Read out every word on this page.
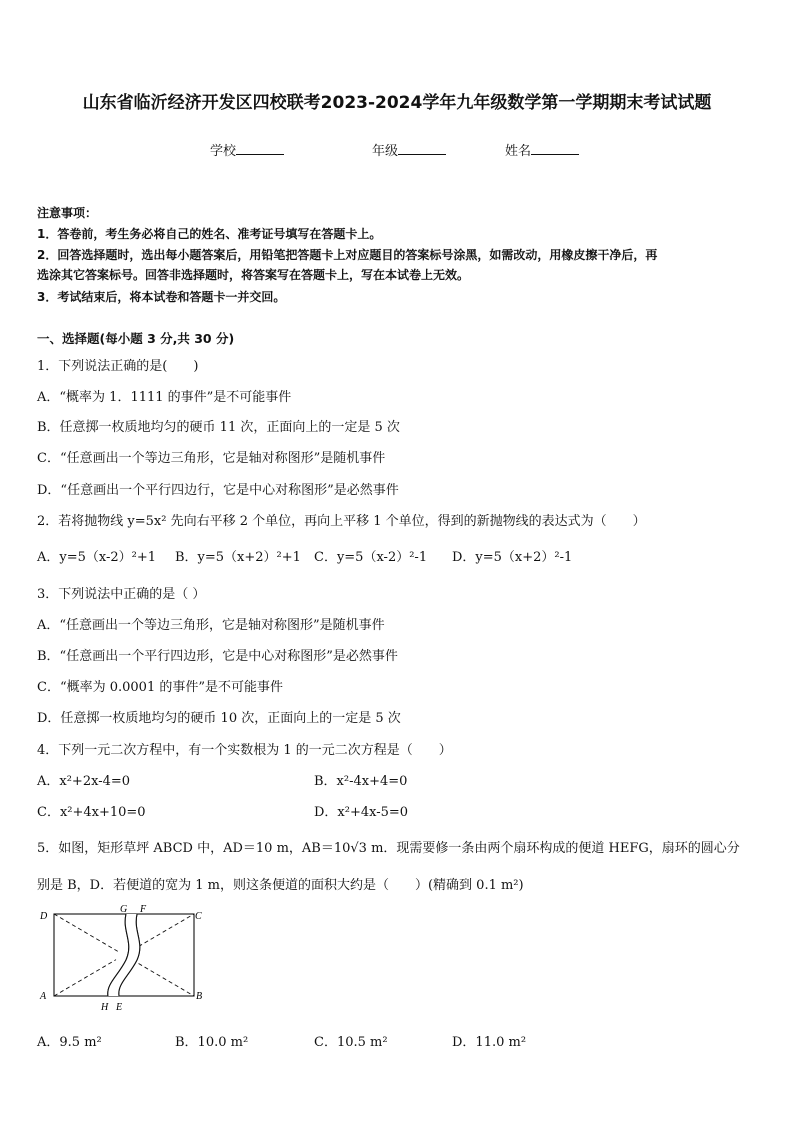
山东省临沂经济开发区四校联考2023-2024学年九年级数学第一学期期末考试试题
学校	年级	姓名
注意事项：
1．答卷前，考生务必将自己的姓名、准考证号填写在答题卡上。
2．回答选择题时，选出每小题答案后，用铅笔把答题卡上对应题目的答案标号涂黑，如需改动，用橡皮擦干净后，再
选涂其它答案标号。回答非选择题时，将答案写在答题卡上，写在本试卷上无效。
3．考试结束后，将本试卷和答题卡一并交回。
一、选择题(每小题 3 分,共 30 分)
1．下列说法正确的是(　　)
A．“概率为 1．1111 的事件”是不可能事件
B．任意掷一枚质地均匀的硬币 11 次，正面向上的一定是 5 次
C．“任意画出一个等边三角形，它是轴对称图形”是随机事件
D．“任意画出一个平行四边行，它是中心对称图形”是必然事件
2．若将抛物线 y=5x² 先向右平移 2 个单位，再向上平移 1 个单位，得到的新抛物线的表达式为（　　）
A．y=5（x-2）²+1 B．y=5（x+2）²+1 C．y=5（x-2）²-1 D．y=5（x+2）²-1
3．下列说法中正确的是（ ）
A．“任意画出一个等边三角形，它是轴对称图形”是随机事件
B．“任意画出一个平行四边形，它是中心对称图形”是必然事件
C．“概率为 0.0001 的事件”是不可能事件
D．任意掷一枚质地均匀的硬币 10 次，正面向上的一定是 5 次
4．下列一元二次方程中，有一个实数根为 1 的一元二次方程是（　　）
A．x²+2x-4=0	B．x²-4x+4=0
C．x²+4x+10=0	D．x²+4x-5=0
5．如图，矩形草坪 ABCD 中，AD＝10 m，AB＝10√3 m．现需要修一条由两个扇环构成的便道 HEFG，扇环的圆心分
别是 B，D．若便道的宽为 1 m，则这条便道的面积大约是（　　）(精确到 0.1 m²)
D
G F
C
A	B
H E
A．9.5 m²	B．10.0 m²	C．10.5 m²	D．11.0 m²
